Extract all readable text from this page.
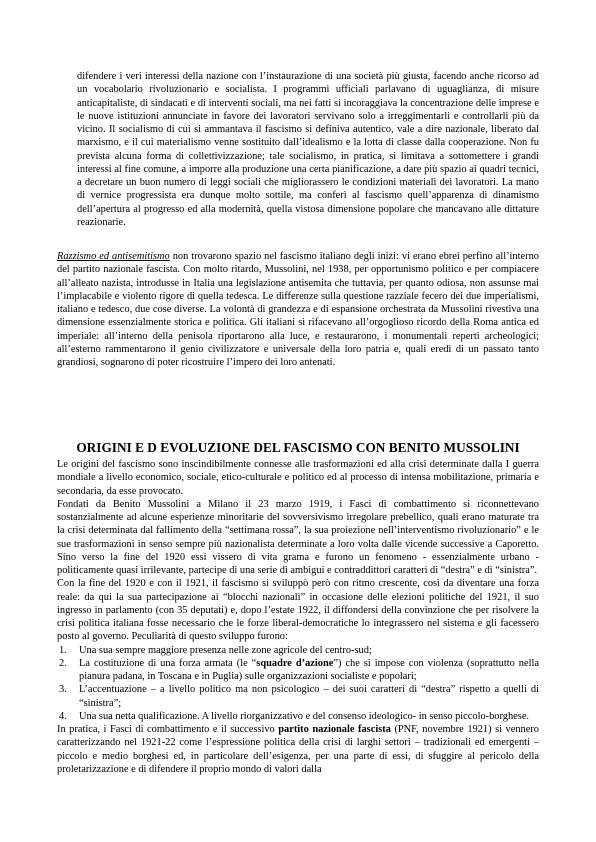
difendere i veri interessi della nazione con l’instaurazione di una società più giusta, facendo anche ricorso ad un vocabolario rivoluzionario e socialista. I programmi ufficiali parlavano di uguaglianza, di misure anticapitaliste, di sindacati e di interventi sociali, ma nei fatti si incoraggiava la concentrazione delle imprese e le nuove istituzioni annunciate in favore dei lavoratori servivano solo a irreggimentarli e controllarli più da vicino. Il socialismo di cui si ammantava il fascismo si definiva autentico, vale a dire nazionale, liberato dal marxismo, e il cui materialismo venne sostituito dall’idealismo e la lotta di classe dalla cooperazione. Non fu prevista alcuna forma di collettivizzazione; tale socialismo, in pratica, si limitava a sottomettere i grandi interessi al fine comune, a imporre alla produzione una certa pianificazione, a dare più spazio ai quadri tecnici, a decretare un buon numero di leggi sociali che migliorassero le condizioni materiali dei lavoratori. La mano di vernice progressista era dunque molto sottile, ma conferì al fascismo quell’apparenza di dinamismo dell’apertura al progresso ed alla modernità, quella vistosa dimensione popolare che mancavano alle dittature reazionarie.

Razzismo ed antisemitismo non trovarono spazio nel fascismo italiano degli inizi: vi erano ebrei perfino all’interno del partito nazionale fascista. Con molto ritardo, Mussolini, nel 1938, per opportunismo politico e per compiacere all’alleato nazista, introdusse in Italia una legislazione antisemita che tuttavia, per quanto odiosa, non assunse mai l’implacabile e violento rigore di quella tedesca. Le differenze sulla questione razziale fecero dei due imperialismi, italiano e tedesco, due cose diverse. La volontà di grandezza e di espansione orchestrata da Mussolini rivestiva una dimensione essenzialmente storica e politica. Gli italiani si rifacevano all’orgoglioso ricordo della Roma antica ed imperiale: all’interno della penisola riportarono alla luce, e restaurarono, i monumentali reperti archeologici; all’esterno rammentarono il genio civilizzatore e universale della loro patria e, quali eredi di un passato tanto grandiosi, sognarono di poter ricostruire l’impero dei loro antenati.

ORIGINI E D EVOLUZIONE DEL FASCISMO CON BENITO MUSSOLINI

Le origini del fascismo sono inscindibilmente connesse alle trasformazioni ed alla crisi determinate dalla I guerra mondiale a livello economico, sociale, etico-culturale e politico ed al processo di intensa mobilitazione, primaria e secondaria, da esse provocato.

Fondati da Benito Mussolini a Milano il 23 marzo 1919, i Fasci di combattimento si riconnettevano sostanzialmente ad alcune esperienze minoritarie del sovversivismo irregolare prebellico, quali erano maturate tra la crisi determinata dal fallimento della “settimana rossa”, la sua proiezione nell’interventismo rivoluzionario” e le sue trasformazioni in senso sempre più nazionalista determinate a loro volta dalle vicende successive a Caporetto. Sino verso la fine del 1920 essi vissero di vita grama e furono un fenomeno - essenzialmente urbano - politicamente quasi irrilevante, partecipe di una serie di ambigui e contraddittori caratteri di “destra” e di “sinistra”.

Con la fine del 1920 e con il 1921, il fascismo si sviluppò però con ritmo crescente, così da diventare una forza reale: da qui la sua partecipazione ai “blocchi nazionali” in occasione delle elezioni politiche del 1921, il suo ingresso in parlamento (con 35 deputati) e, dopo l’estate 1922, il diffondersi della convinzione che per risolvere la crisi politica italiana fosse necessario che le forze liberal-democratiche lo integrassero nel sistema e gli facessero posto al governo. Peculiarità di questo sviluppo furono:

1. Una sua sempre maggiore presenza nelle zone agricole del centro-sud;
2. La costituzione di una forza armata (le “squadre d’azione”) che si impose con violenza (soprattutto nella pianura padana, in Toscana e in Puglia) sulle organizzazioni socialiste e popolari;
3. L’accentuazione – a livello politico ma non psicologico – dei suoi caratteri di “destra” rispetto a quelli di “sinistra”;
4. Una sua netta qualificazione. A livello riorganizzativo e del consenso ideologico- in senso piccolo-borghese.

In pratica, i Fasci di combattimento e il successivo partito nazionale fascista (PNF, novembre 1921) si vennero caratterizzando nel 1921-22 come l’espressione politica della crisi di larghi settori – tradizionali ed emergenti – piccolo e medio borghesi ed, in particolare dell’esigenza, per una parte di essi, di sfuggire al pericolo della proletarizzazione e di difendere il proprio mondo di valori dalla
